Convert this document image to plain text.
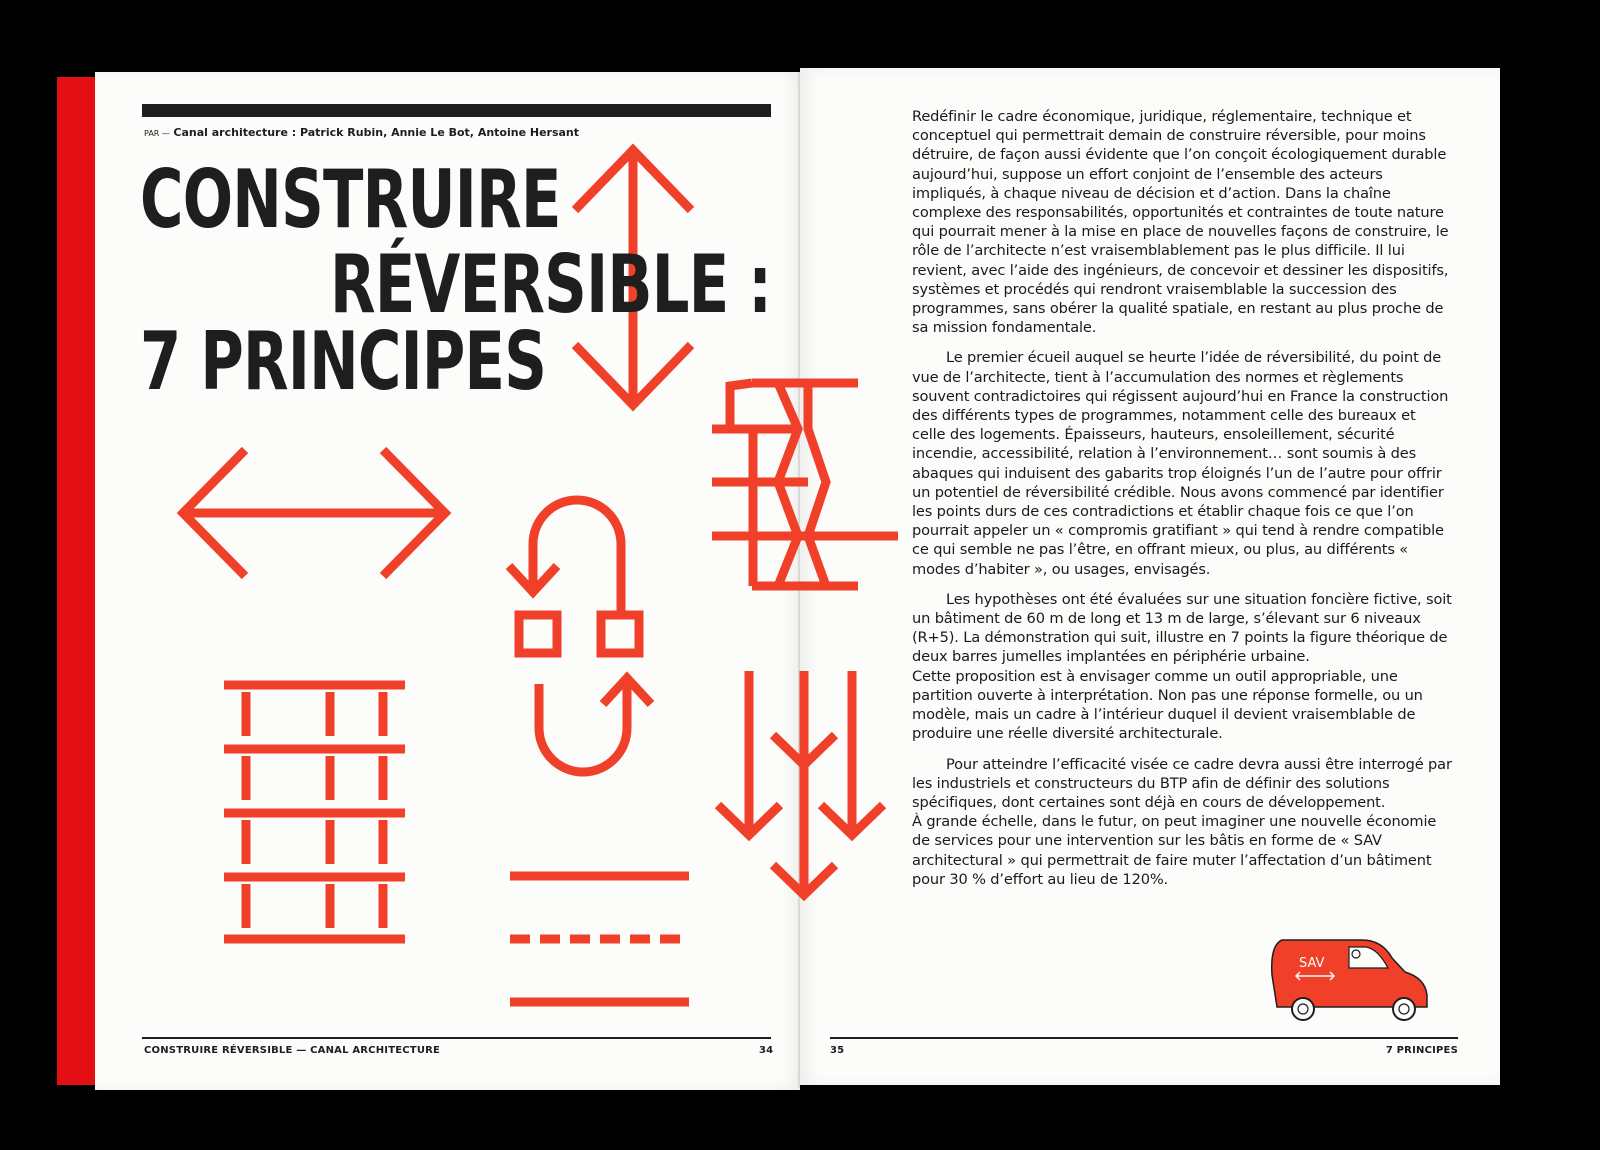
PAR — Canal architecture : Patrick Rubin, Annie Le Bot, Antoine Hersant
SAV
CONSTRUIRE
RÉVERSIBLE :
7 PRINCIPES

Redéfinir le cadre économique, juridique, réglementaire, technique et conceptuel qui permettrait demain de construire réversible, pour moins détruire, de façon aussi évidente que l’on conçoit écologiquement durable aujourd’hui, suppose un effort conjoint de l’ensemble des acteurs impliqués, à chaque niveau de décision et d’action. Dans la chaîne complexe des responsabilités, opportunités et contraintes de toute nature qui pourrait mener à la mise en place de nouvelles façons de construire, le rôle de l’architecte n’est vraisemblablement pas le plus difficile. Il lui revient, avec l’aide des ingénieurs, de concevoir et dessiner les dispositifs, systèmes et procédés qui rendront vraisemblable la succession des programmes, sans obérer la qualité spatiale, en restant au plus proche de sa mission fondamentale.

Le premier écueil auquel se heurte l’idée de réversibilité, du point de vue de l’architecte, tient à l’accumulation des normes et règlements souvent contradictoires qui régissent aujourd’hui en France la construction des différents types de programmes, notamment celle des bureaux et celle des logements. Épaisseurs, hauteurs, ensoleillement, sécurité incendie, accessibilité, relation à l’environnement… sont soumis à des abaques qui induisent des gabarits trop éloignés l’un de l’autre pour offrir un potentiel de réversibilité crédible. Nous avons commencé par identifier les points durs de ces contradictions et établir chaque fois ce que l’on pourrait appeler un « compromis gratifiant » qui tend à rendre compatible ce qui semble ne pas l’être, en offrant mieux, ou plus, au différents « modes d’habiter », ou usages, envisagés.

Les hypothèses ont été évaluées sur une situation foncière fictive, soit un bâtiment de 60 m de long et 13 m de large, s’élevant sur 6 niveaux (R+5). La démonstration qui suit, illustre en 7 points la figure théorique de deux barres jumelles implantées en périphérie urbaine.

Cette proposition est à envisager comme un outil appropriable, une partition ouverte à interprétation. Non pas une réponse formelle, ou un modèle, mais un cadre à l’intérieur duquel il devient vraisemblable de produire une réelle diversité architecturale.

Pour atteindre l’efficacité visée ce cadre devra aussi être interrogé par les industriels et constructeurs du BTP afin de définir des solutions spécifiques, dont certaines sont déjà en cours de développement.

À grande échelle, dans le futur, on peut imaginer une nouvelle économie de services pour une intervention sur les bâtis en forme de « SAV architectural » qui permettrait de faire muter l’affectation d’un bâtiment pour 30 % d’effort au lieu de 120%.

CONSTRUIRE RÉVERSIBLE — CANAL ARCHITECTURE	34	35	7 PRINCIPES
